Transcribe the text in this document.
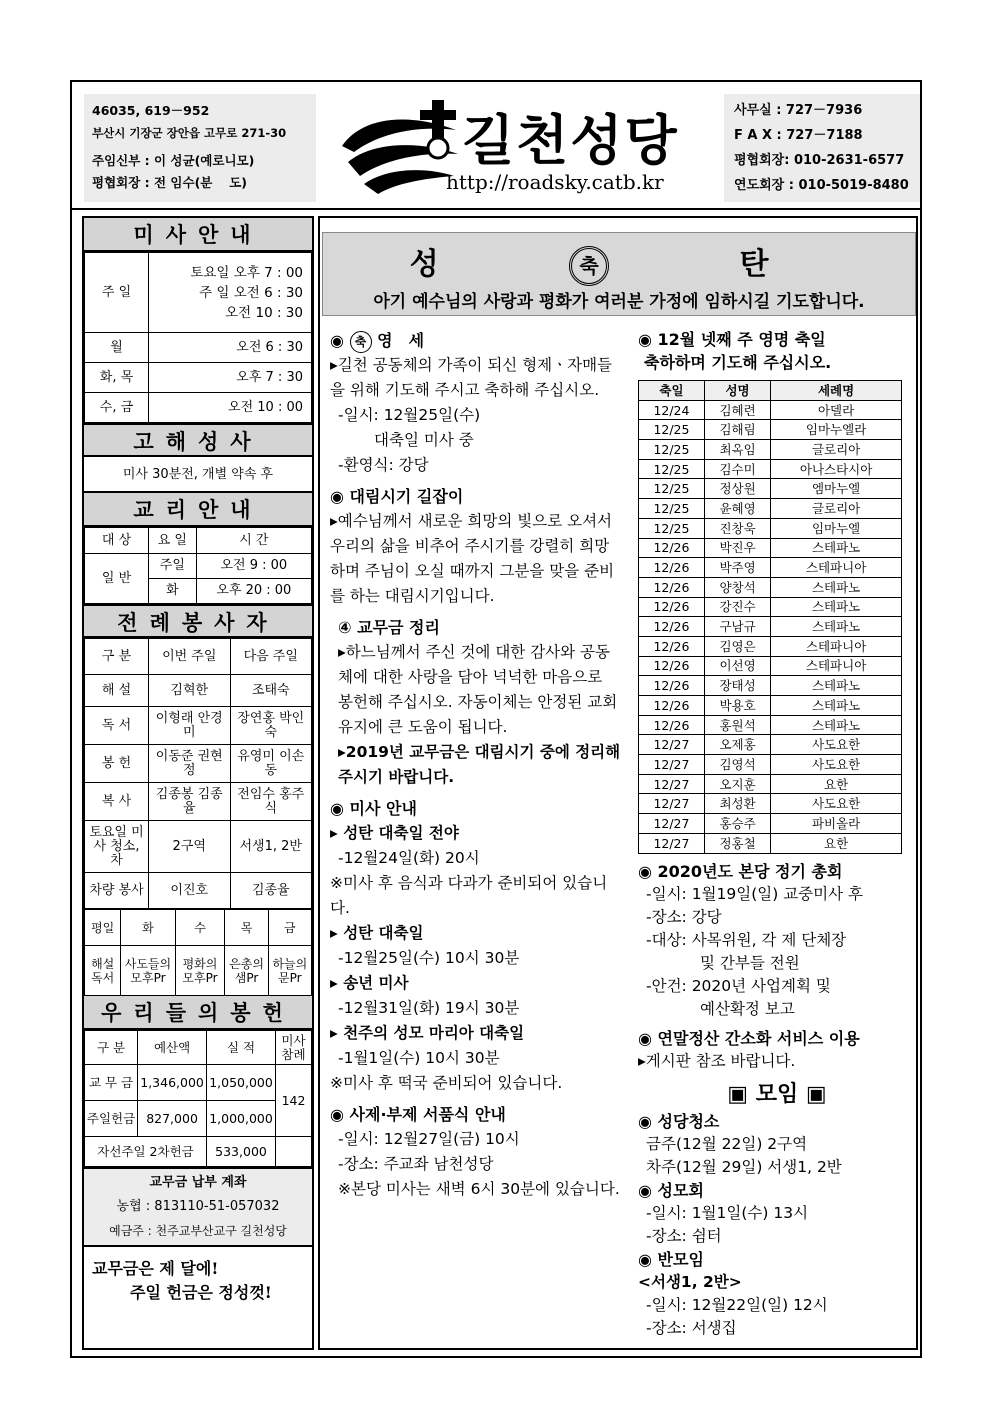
46035, 619－952
부산시 기장군 장안읍 고무로 271-30
주임신부 : 이 성균(예로니모)
평협회장 : 전 임수(분　 도)
길천성당
http://roadsky.catb.kr
사무실 : 727－7936
F A X : 727－7188
평협회장: 010-2631-6577
연도회장 : 010-5019-8480
미사안내
주 일	토요일 오후 7 : 00
주 일 오전 6 : 30
오전 10 : 30

월	오전 6 : 30
화, 목	오후 7 : 30
수, 금	오전 10 : 00
고해성사
미사 30분전, 개별 약속 후
교리안내
대 상	요 일	시 간
일 반	주일	오전 9 : 00
	화	오후 20 : 00
전례봉사자
구 분	이번 주일	다음 주일
해 설	김혁한	조태숙
독 서	이형래 안경미	장연홍 박인숙
봉 헌	이동준 권현정	유영미 이손동
복 사	김종봉 김종율	전임수 홍주식
토요일 미사 청소, 차	2구역	서생1, 2반
차량 봉사	이진호	김종율
평일	화	수	목	금
해설 독서	사도들의모후Pr	평화의 모후Pr	은총의 샘Pr	하늘의 문Pr
우리들의봉헌
구 분	예산액	실 적	미사 참례
교 무 금	1,346,000	1,050,000	142
주일헌금	827,000	1,000,000	
자선주일 2차헌금		533,000	
교무금 납부 계좌
농협 : 813110-51-057032
예금주 : 천주교부산교구 길천성당
교무금은 제 달에!
주일 헌금은 정성껏!
성	축	탄
아기 예수님의 사랑과 평화가 여러분 가정에 임하시길 기도합니다.
◉ 축 영　세
▸길천 공동체의 가족이 되신 형제ㆍ자매들을 위해 기도해 주시고 축하해 주십시오.
-일시: 12월25일(수)
대축일 미사 중
-환영식: 강당
◉ 대림시기 길잡이
▸예수님께서 새로운 희망의 빛으로 오셔서 우리의 삶을 비추어 주시기를 강렬히 희망하며 주님이 오실 때까지 그분을 맞을 준비를 하는 대림시기입니다.
④ 교무금 정리
▸하느님께서 주신 것에 대한 감사와 공동체에 대한 사랑을 담아 넉넉한 마음으로 봉헌해 주십시오. 자동이체는 안정된 교회 유지에 큰 도움이 됩니다.
▸2019년 교무금은 대림시기 중에 정리해 주시기 바랍니다.
◉ 미사 안내
▸ 성탄 대축일 전야
-12월24일(화) 20시
※미사 후 음식과 다과가 준비되어 있습니다.
▸ 성탄 대축일
-12월25일(수) 10시 30분
▸ 송년 미사
-12월31일(화) 19시 30분
▸ 천주의 성모 마리아 대축일
-1월1일(수) 10시 30분
※미사 후 떡국 준비되어 있습니다.
◉ 사제·부제 서품식 안내
-일시: 12월27일(금) 10시
-장소: 주교좌 남천성당
※본당 미사는 새벽 6시 30분에 있습니다.
◉ 12월 넷째 주 영명 축일
축하하며 기도해 주십시오.
축일	성명	세례명
12/24	김혜련	아델라
12/25	김해림	임마누엘라
12/25	최옥임	글로리아
12/25	김수미	아나스타시아
12/25	정상원	엠마누엘
12/25	윤혜영	글로리아
12/25	진창욱	임마누엘
12/26	박진우	스테파노
12/26	박주영	스테파니아
12/26	양창석	스테파노
12/26	강진수	스테파노
12/26	구남규	스테파노
12/26	김영은	스테파니아
12/26	이선영	스테파니아
12/26	장태성	스테파노
12/26	박용호	스테파노
12/26	홍원석	스테파노
12/27	오제홍	사도요한
12/27	김영석	사도요한
12/27	오지훈	요한
12/27	최성환	사도요한
12/27	홍승주	파비올라
12/27	정홍철	요한
◉ 2020년도 본당 정기 총회
-일시: 1월19일(일) 교중미사 후
-장소: 강당
-대상: 사목위원, 각 제 단체장
및 간부들 전원
-안건: 2020년 사업계획 및
예산확정 보고
◉ 연말정산 간소화 서비스 이용
▸게시판 참조 바랍니다.
▣ 모임 ▣
◉ 성당청소
금주(12월 22일) 2구역
차주(12월 29일) 서생1, 2반
◉ 성모회
-일시: 1월1일(수) 13시
-장소: 쉼터
◉ 반모임
<서생1, 2반>
-일시: 12월22일(일) 12시
-장소: 서생집
